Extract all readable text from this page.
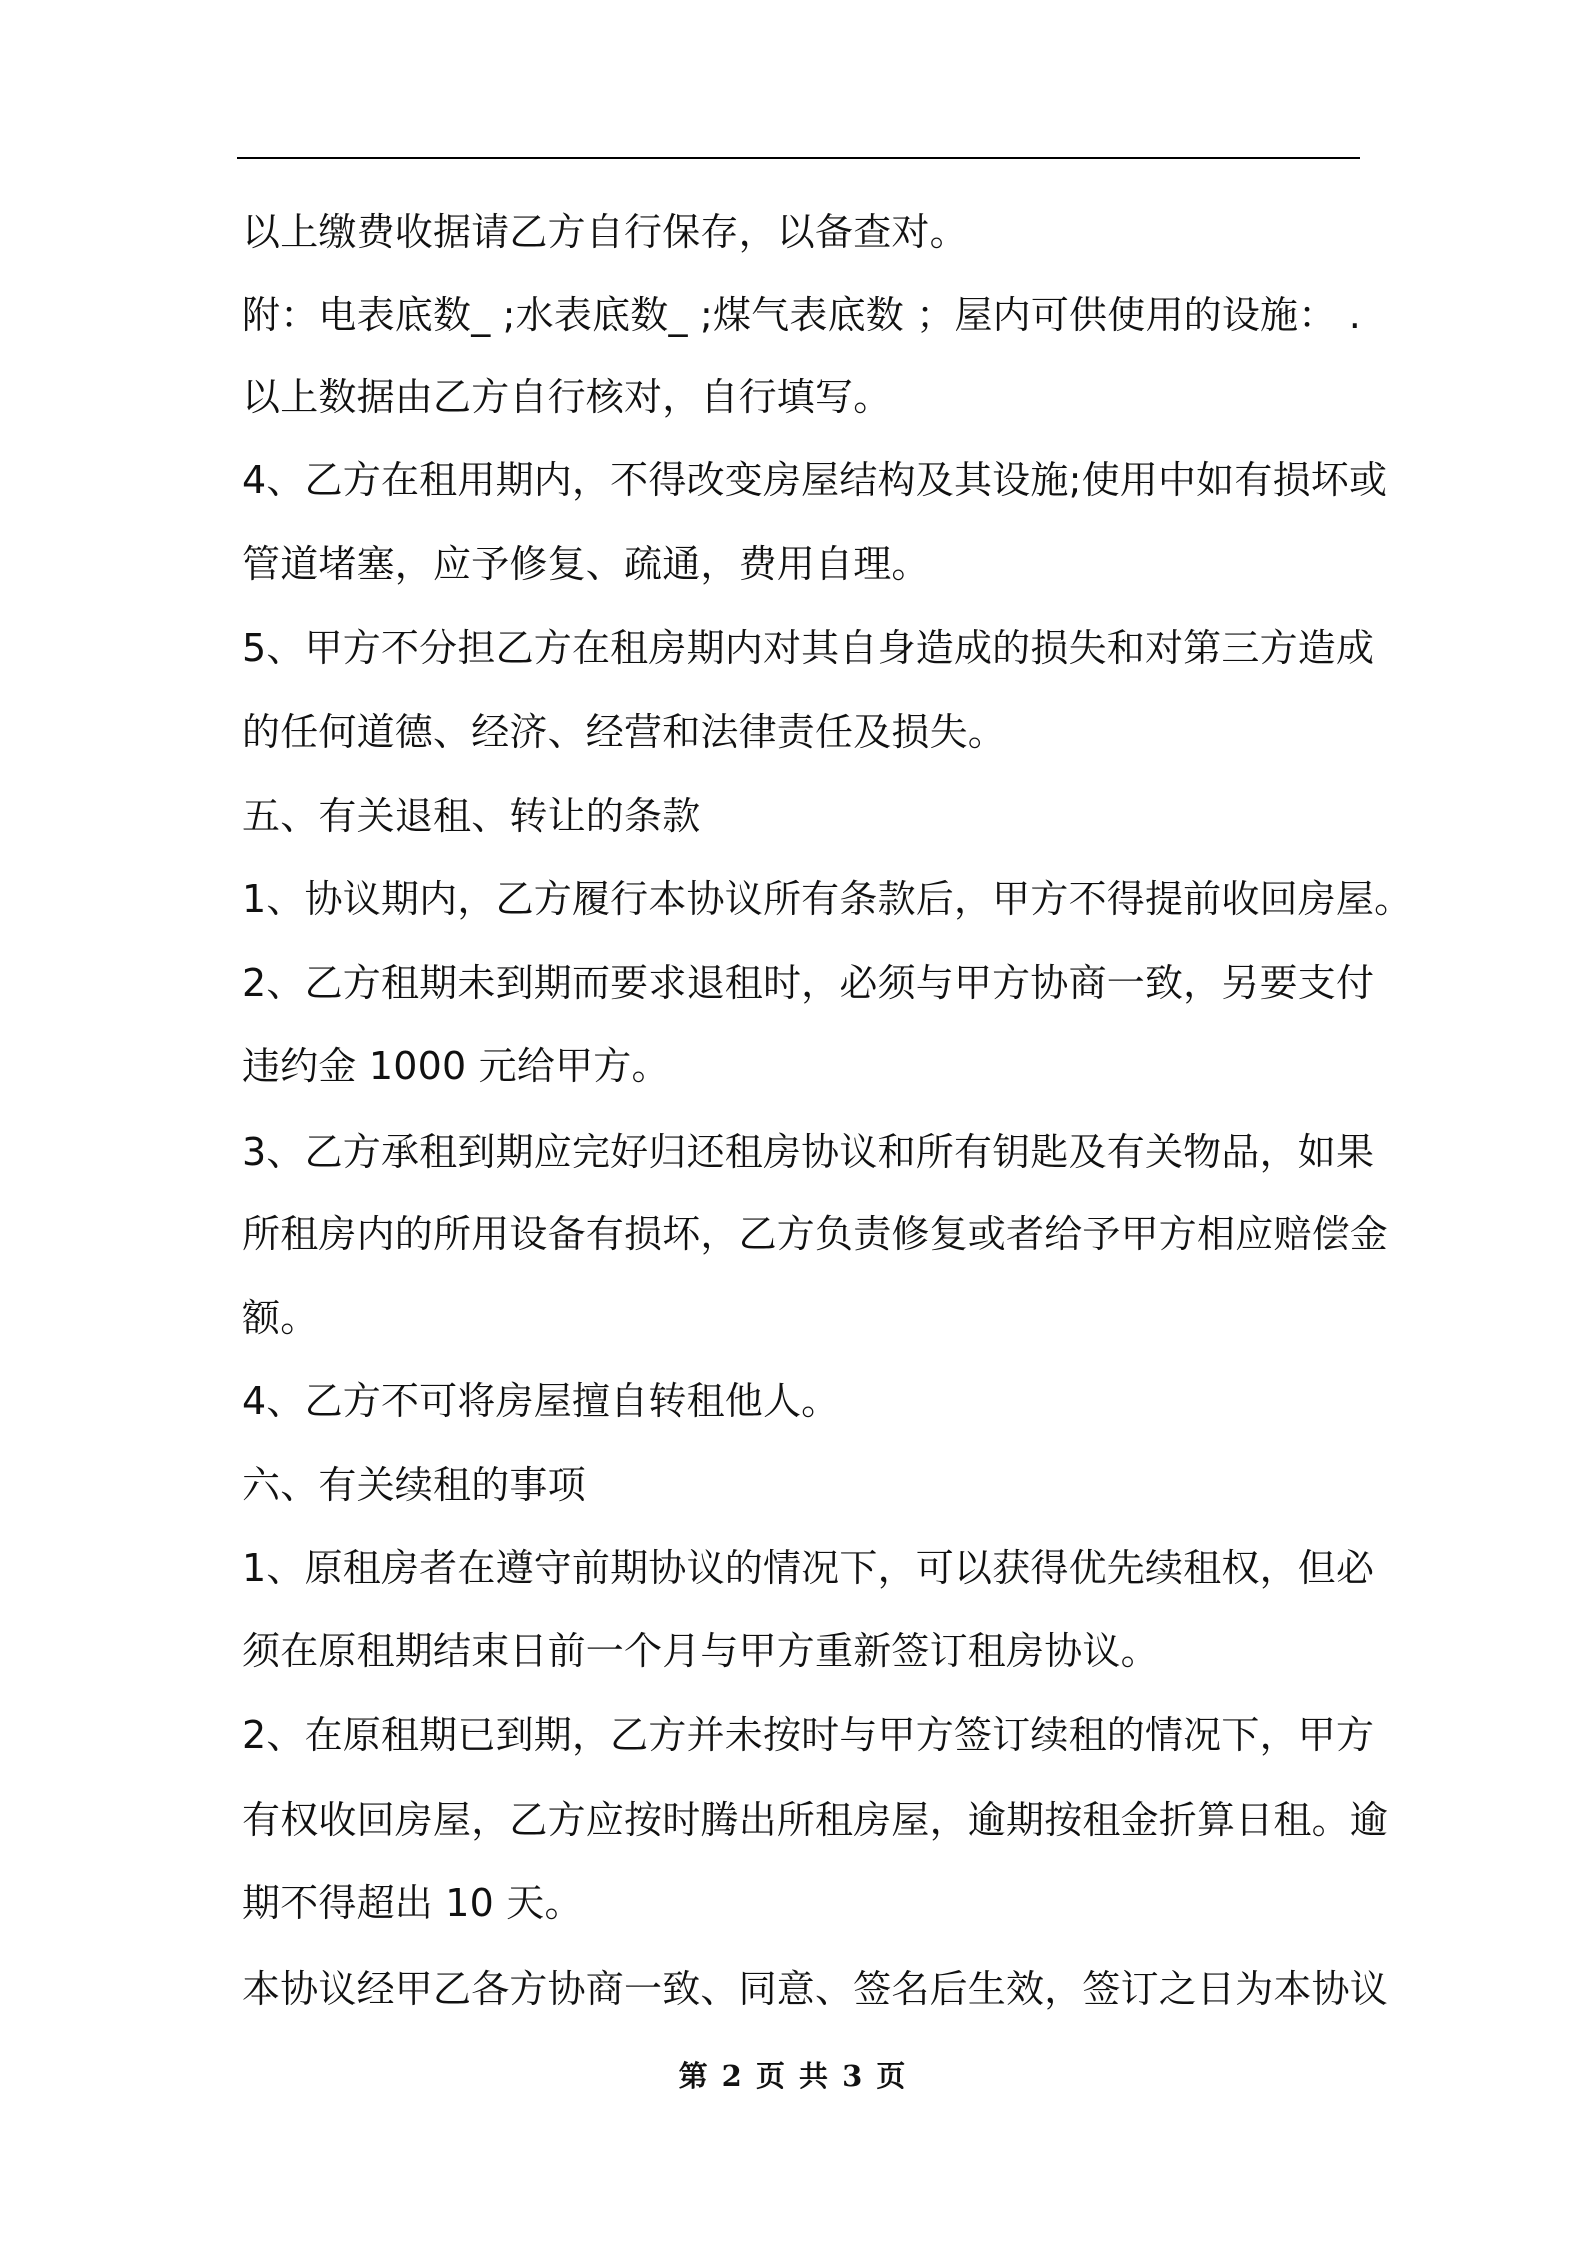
以上缴费收据请乙方自行保存，以备查对。

附：电表底数_ ;水表底数_ ;煤气表底数 ；屋内可供使用的设施： .

以上数据由乙方自行核对，自行填写。

4、乙方在租用期内，不得改变房屋结构及其设施;使用中如有损坏或

管道堵塞，应予修复、疏通，费用自理。

5、甲方不分担乙方在租房期内对其自身造成的损失和对第三方造成

的任何道德、经济、经营和法律责任及损失。

五、有关退租、转让的条款

1、协议期内，乙方履行本协议所有条款后，甲方不得提前收回房屋。

2、乙方租期未到期而要求退租时，必须与甲方协商一致，另要支付

违约金 1000 元给甲方。

3、乙方承租到期应完好归还租房协议和所有钥匙及有关物品，如果

所租房内的所用设备有损坏，乙方负责修复或者给予甲方相应赔偿金

额。

4、乙方不可将房屋擅自转租他人。

六、有关续租的事项

1、原租房者在遵守前期协议的情况下，可以获得优先续租权，但必

须在原租期结束日前一个月与甲方重新签订租房协议。

2、在原租期已到期，乙方并未按时与甲方签订续租的情况下，甲方

有权收回房屋，乙方应按时腾出所租房屋，逾期按租金折算日租。逾

期不得超出 10 天。

本协议经甲乙各方协商一致、同意、签名后生效，签订之日为本协议

第 2 页 共 3 页
